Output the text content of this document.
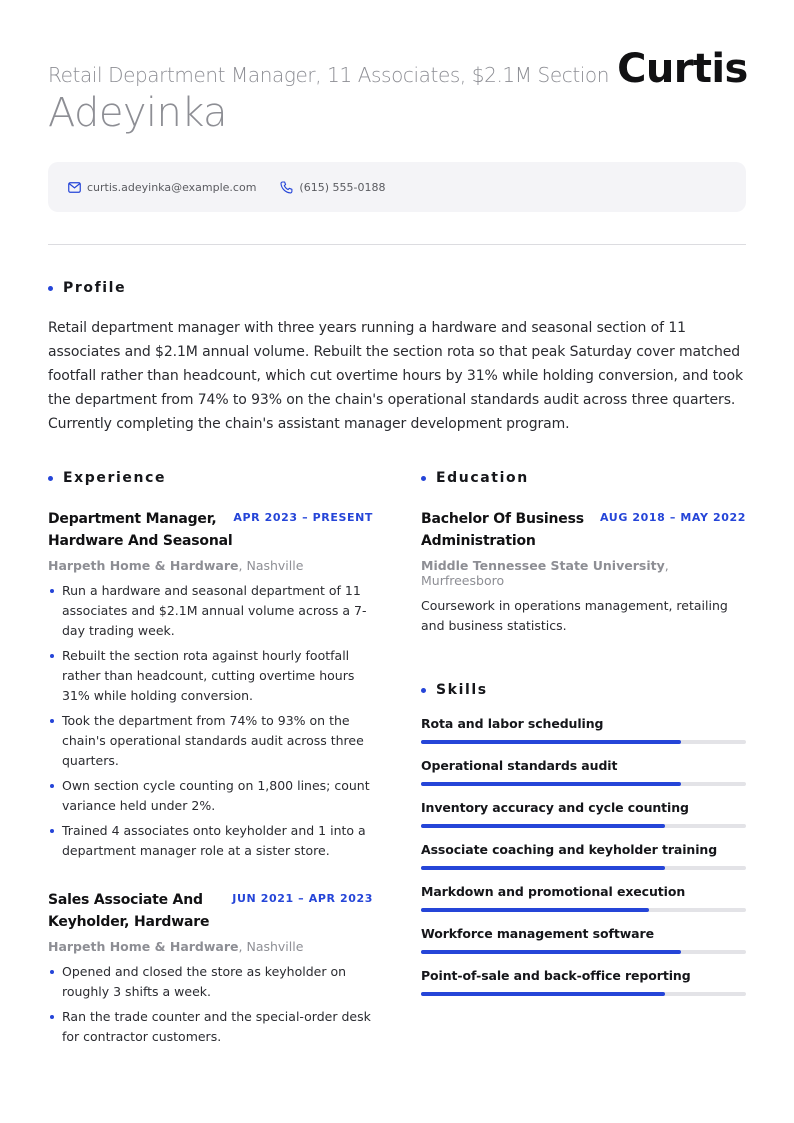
Retail Department Manager, 11 Associates, $2.1M Section Curtis
Adeyinka
curtis.adeyinka@example.com	(615) 555-0188
Profile

Retail department manager with three years running a hardware and seasonal section of 11 associates and $2.1M annual volume. Rebuilt the section rota so that peak Saturday cover matched footfall rather than headcount, which cut overtime hours by 31% while holding conversion, and took the department from 74% to 93% on the chain's operational standards audit across three quarters. Currently completing the chain's assistant manager development program.

Experience
Department Manager, Hardware And Seasonal
APR 2023 – PRESENT
Harpeth Home & Hardware, Nashville
Run a hardware and seasonal department of 11 associates and $2.1M annual volume across a 7-day trading week.
Rebuilt the section rota against hourly footfall rather than headcount, cutting overtime hours 31% while holding conversion.
Took the department from 74% to 93% on the chain's operational standards audit across three quarters.
Own section cycle counting on 1,800 lines; count variance held under 2%.
Trained 4 associates onto keyholder and 1 into a department manager role at a sister store.
Sales Associate And Keyholder, Hardware
JUN 2021 – APR 2023
Harpeth Home & Hardware, Nashville
Opened and closed the store as keyholder on roughly 3 shifts a week.
Ran the trade counter and the special-order desk for contractor customers.
Education
Bachelor Of Business Administration
AUG 2018 – MAY 2022
Middle Tennessee State University, Murfreesboro

Coursework in operations management, retailing and business statistics.

Skills
Rota and labor scheduling
Operational standards audit
Inventory accuracy and cycle counting
Associate coaching and keyholder training
Markdown and promotional execution
Workforce management software
Point-of-sale and back-office reporting
